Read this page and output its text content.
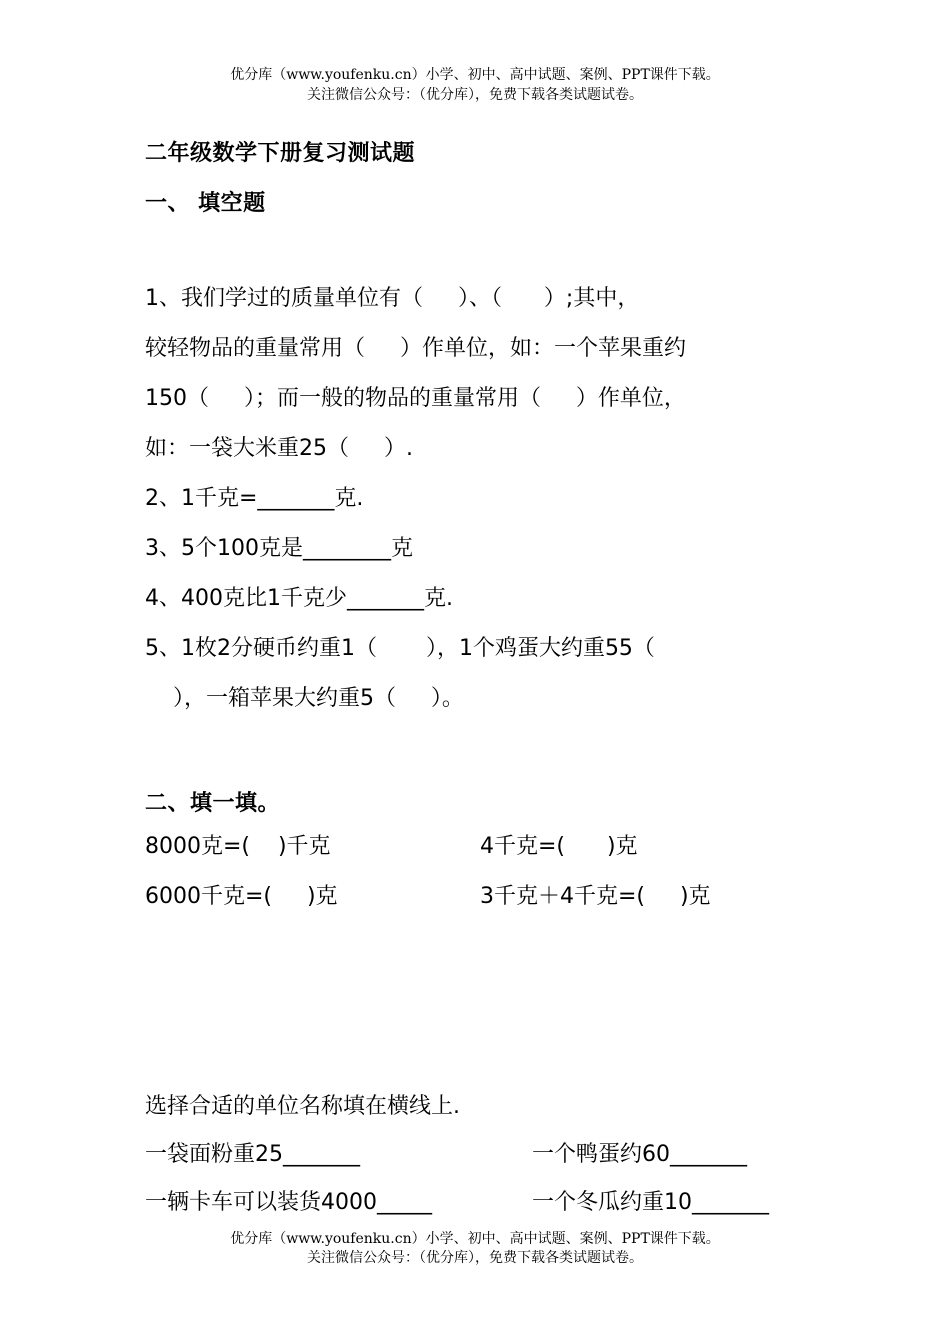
优分库（www.youfenku.cn）小学、初中、高中试题、案例、PPT课件下载。
关注微信公众号：（优分库），免费下载各类试题试卷。
二年级数学下册复习测试题
一、 填空题
1、我们学过的质量单位有（     ）、（      ）;其中，
较轻物品的重量常用（     ）作单位，如：一个苹果重约
150（     ）；而一般的物品的重量常用（     ）作单位，
如：一袋大米重25（     ）.
2、1千克=_______克.
3、5个100克是________克
4、400克比1千克少_______克.
5、1枚2分硬币约重1（       ），1个鸡蛋大约重55（
），一箱苹果大约重5（     ）。
二、填一填。
8000克=(    )千克	4千克=(      )克
6000千克=(     )克	3千克＋4千克=(     )克
选择合适的单位名称填在横线上.
一袋面粉重25_______	一个鸭蛋约60_______
一辆卡车可以装货4000_____	一个冬瓜约重10_______
优分库（www.youfenku.cn）小学、初中、高中试题、案例、PPT课件下载。
关注微信公众号：（优分库），免费下载各类试题试卷。
